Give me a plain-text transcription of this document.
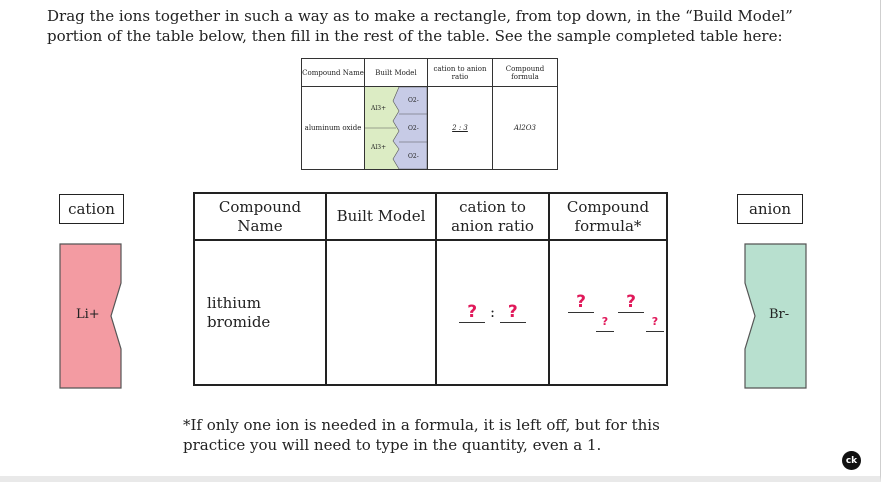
Drag the ions together in such a way as to make a rectangle, from top down, in the “Build Model” portion of the table below, then fill in the rest of the table. See the sample completed table here:

Compound Name	Built Model	cation to anion ratio	Compound formula
aluminum oxide	Al3+
Al3+
O2-
O2-
O2-	2 : 3	Al2O3
cation
Li+
anion
Br-
Compound Name	Built Model	cation to anion ratio	Compound formula*
lithium bromide		? : ?	?
?
?
?

*If only one ion is needed in a formula, it is left off, but for this practice you will need to type in the quantity, even a 1.

ck
